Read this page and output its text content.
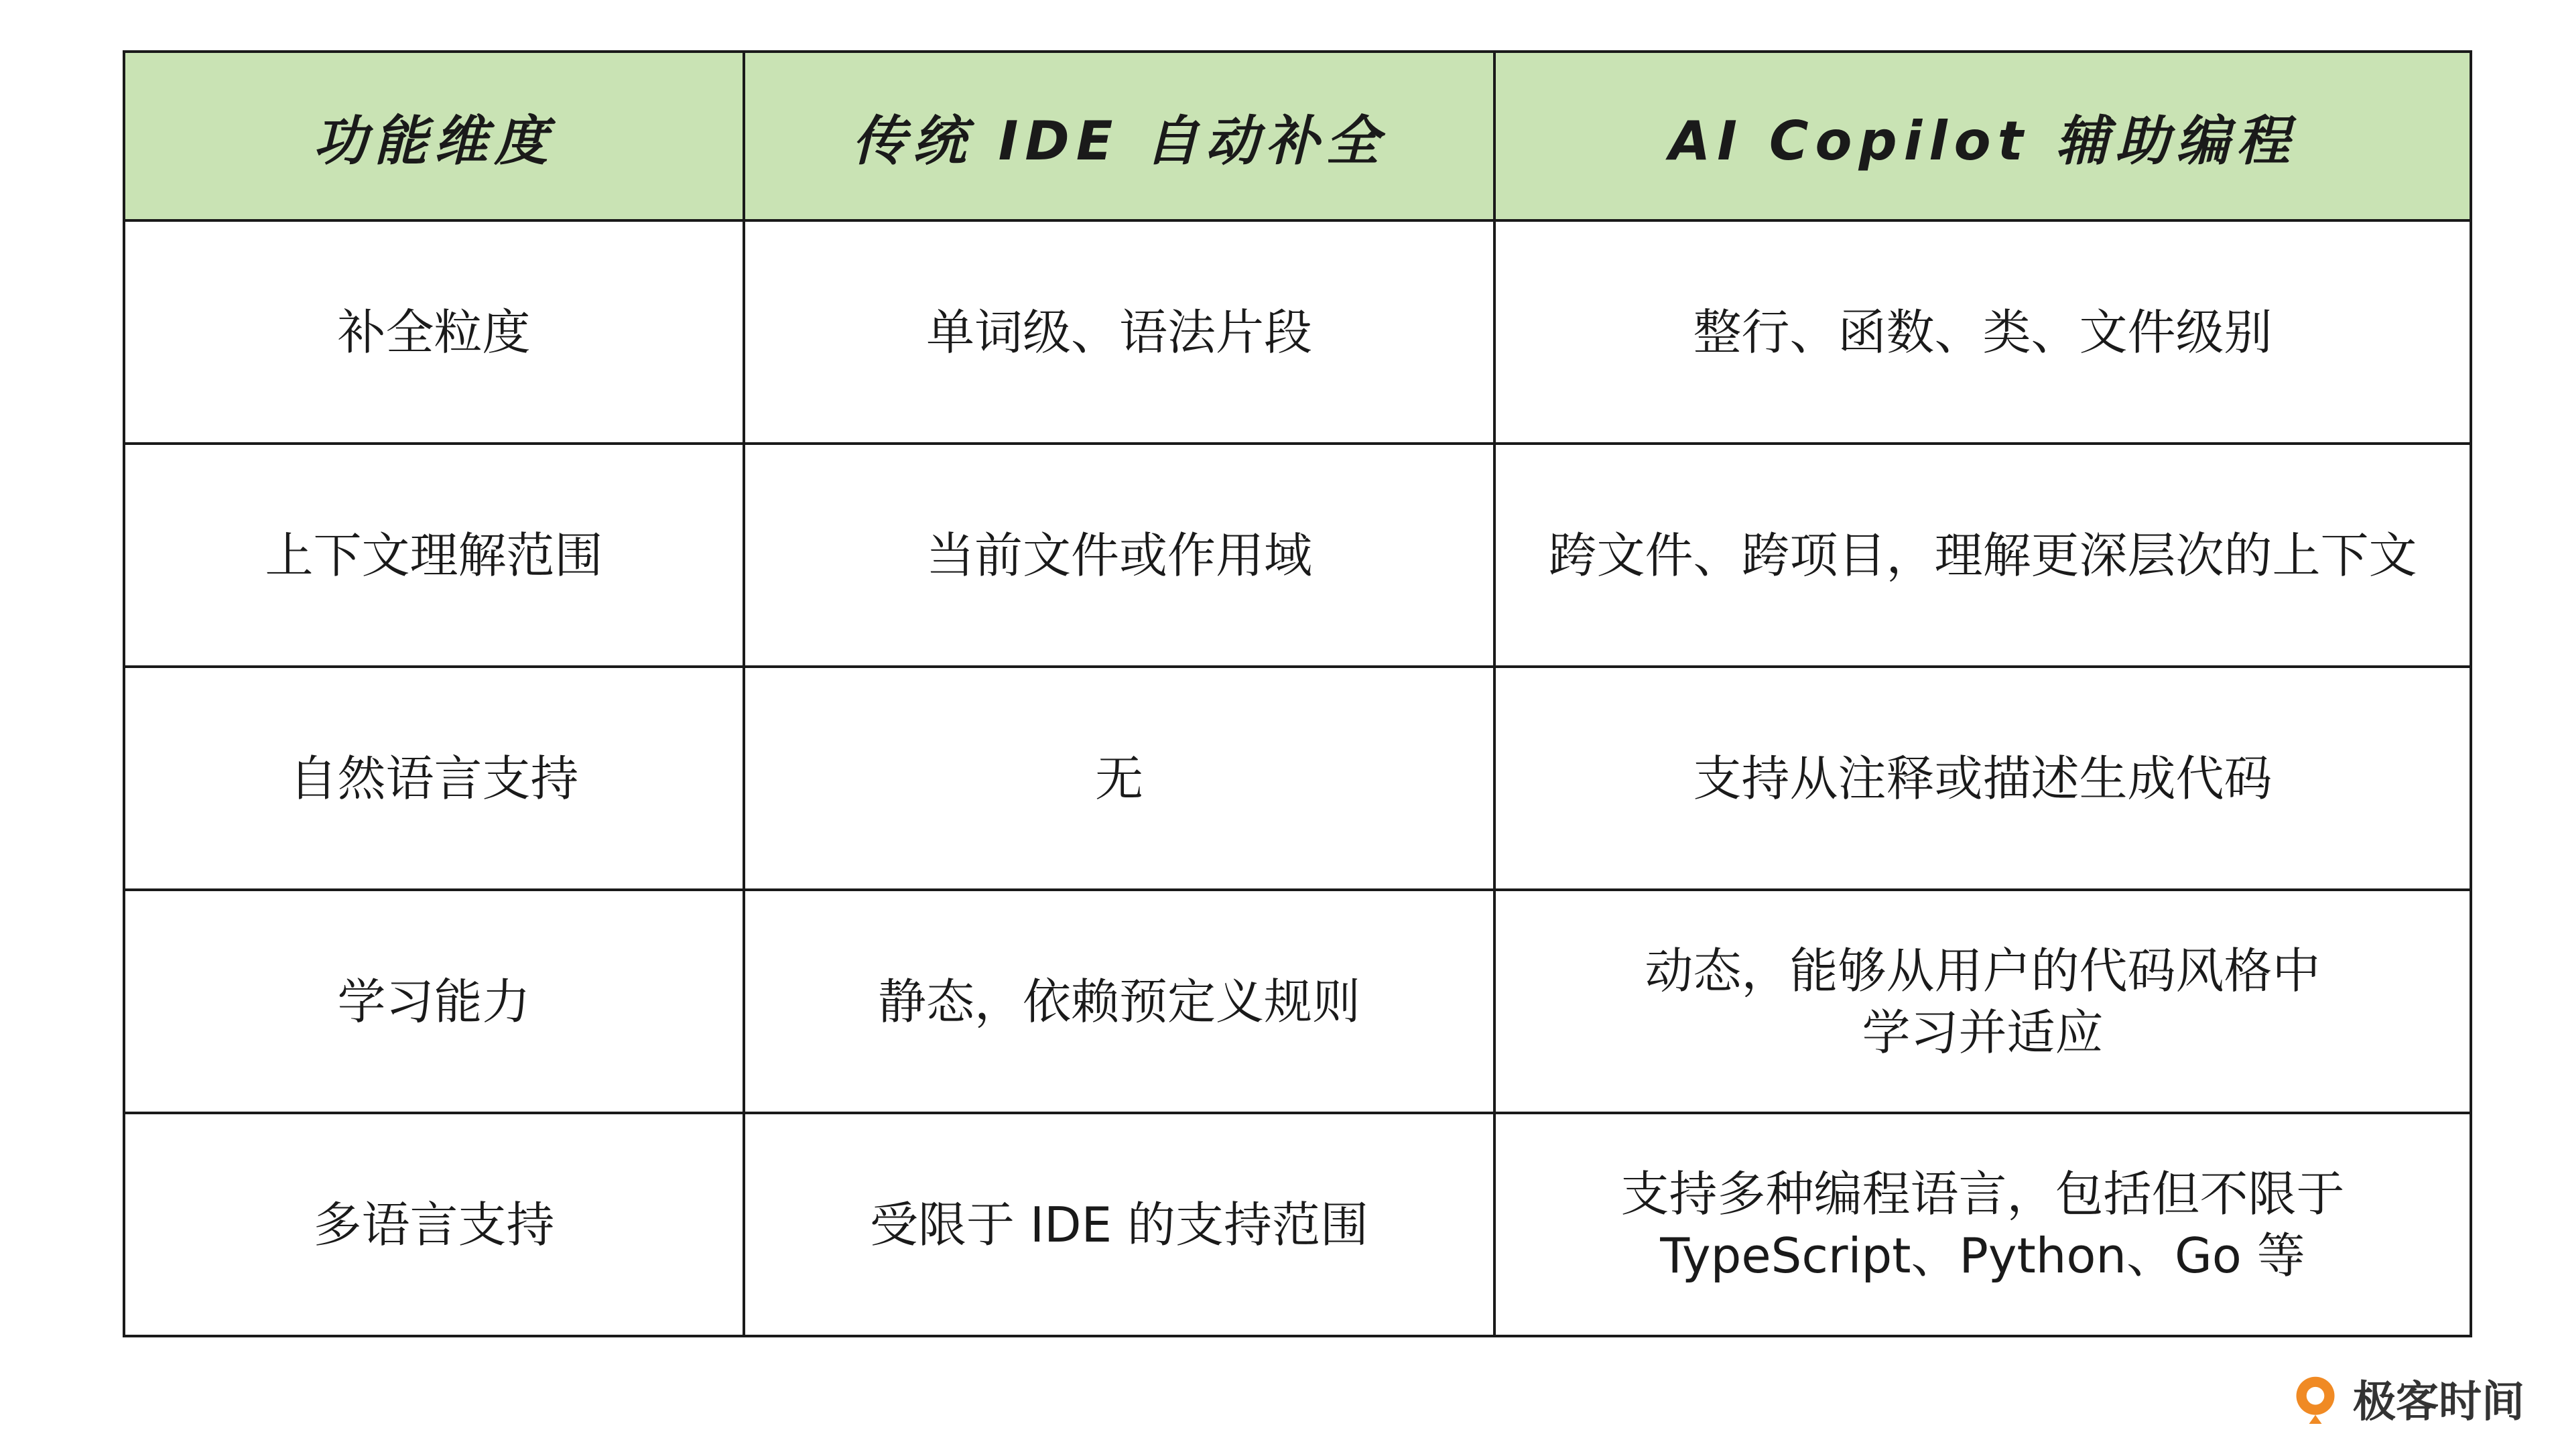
功能维度	传统 IDE 自动补全	AI Copilot 辅助编程
补全粒度	单词级、语法片段	整行、函数、类、文件级别

上下文理解范围	当前文件或作用域	跨文件、跨项目，理解更深层次的上下文

自然语言支持	无	支持从注释或描述生成代码

学习能力	静态，依赖预定义规则	动态，能够从用户的代码风格中
学习并适应

多语言支持	受限于 IDE 的支持范围	支持多种编程语言，包括但不限于
TypeScript、Python、Go 等
极客时间
